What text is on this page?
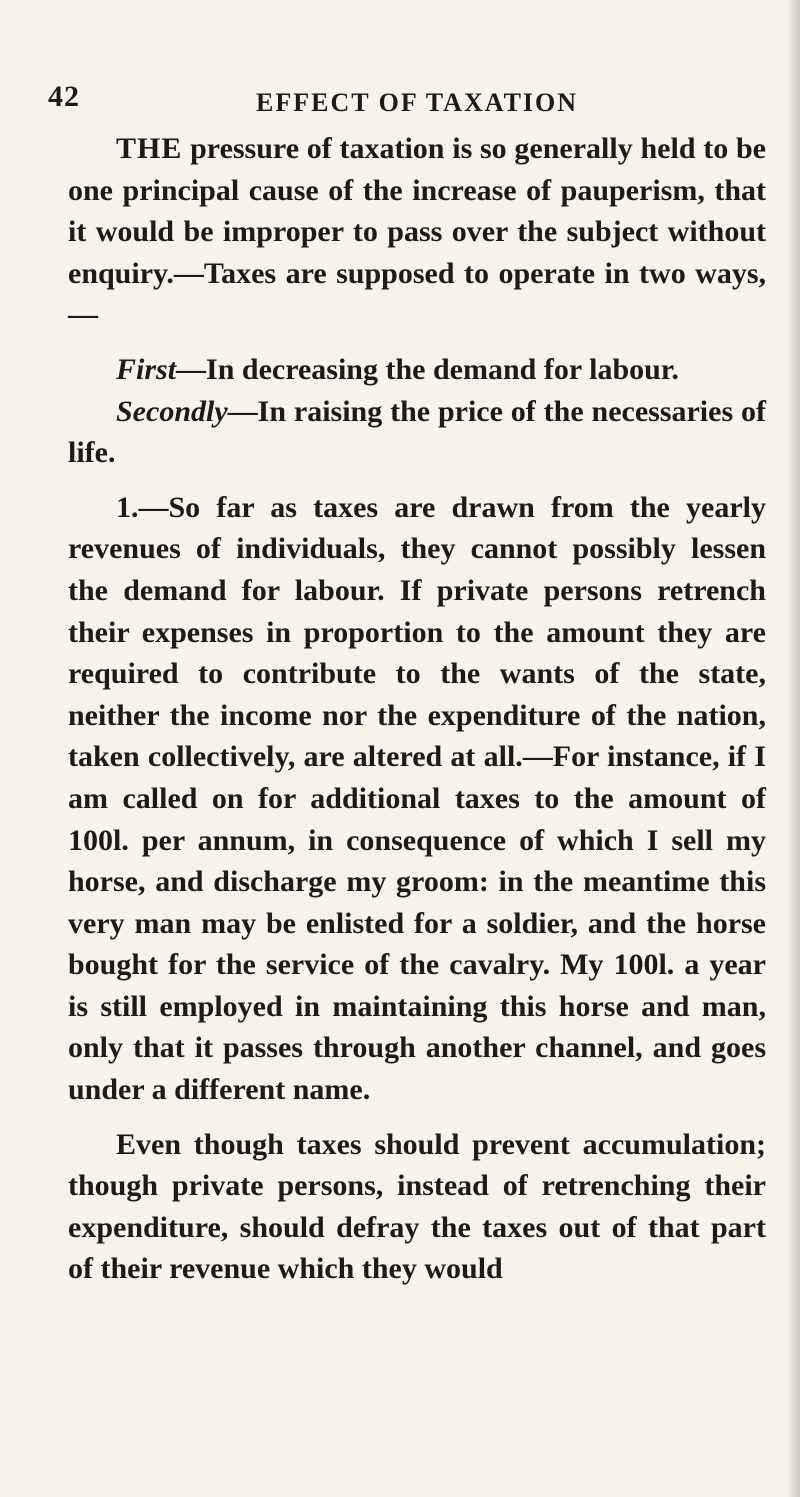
42	EFFECT OF TAXATION

THE pressure of taxation is so generally held to be one principal cause of the increase of pauperism, that it would be improper to pass over the subject without enquiry.—Taxes are supposed to operate in two ways,—

First—In decreasing the demand for labour.

Secondly—In raising the price of the necessaries of life.

1.—So far as taxes are drawn from the yearly revenues of individuals, they cannot possibly lessen the demand for labour. If private persons retrench their expenses in proportion to the amount they are required to contribute to the wants of the state, neither the income nor the expenditure of the nation, taken collectively, are altered at all.—For instance, if I am called on for additional taxes to the amount of 100l. per annum, in consequence of which I sell my horse, and discharge my groom: in the meantime this very man may be enlisted for a soldier, and the horse bought for the service of the cavalry. My 100l. a year is still employed in maintaining this horse and man, only that it passes through another channel, and goes under a different name.

Even though taxes should prevent accumulation; though private persons, instead of retrenching their expenditure, should defray the taxes out of that part of their revenue which they would
